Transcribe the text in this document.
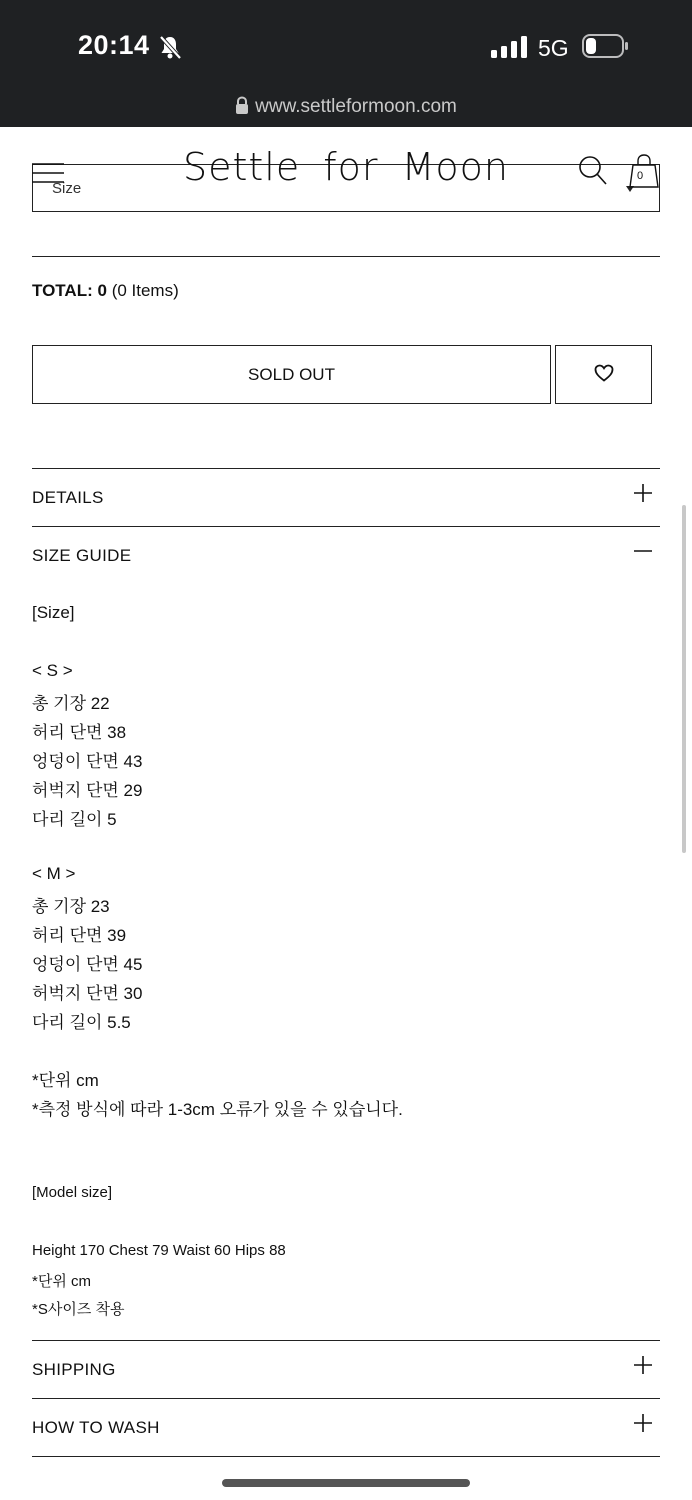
20:14	5G
www.settleformoon.com
Size	Settle for Moon	0
TOTAL: 0 (0 Items)
SOLD OUT
DETAILS
SIZE GUIDE
[Size]
< S >
총 기장 22
허리 단면 38
엉덩이 단면 43
허벅지 단면 29
다리 길이 5
< M >
총 기장 23
허리 단면 39
엉덩이 단면 45
허벅지 단면 30
다리 길이 5.5
*단위 cm
*측정 방식에 따라 1-3cm 오류가 있을 수 있습니다.
[Model size]
Height 170 Chest 79 Waist 60 Hips 88
*단위 cm
*S사이즈 착용
SHIPPING
HOW TO WASH
